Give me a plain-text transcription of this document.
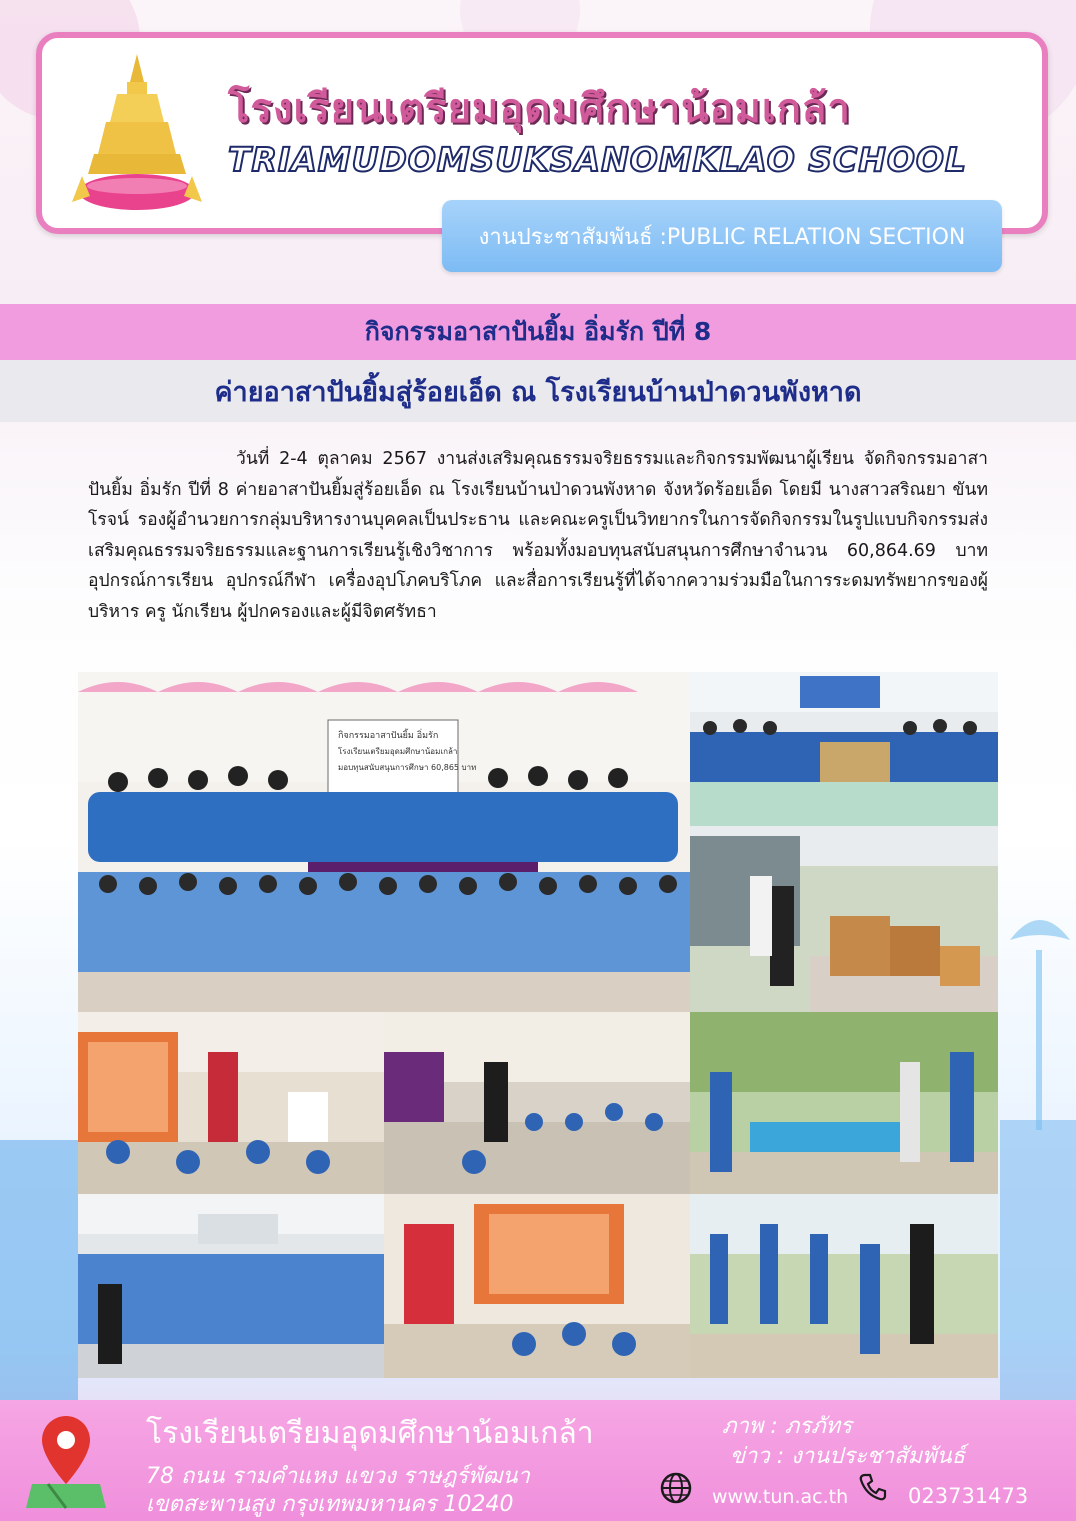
โรงเรียนเตรียมอุดมศึกษาน้อมเกล้า
TRIAMUDOMSUKSANOMKLAO SCHOOL
งานประชาสัมพันธ์ :PUBLIC RELATION SECTION
กิจกรรมอาสาปันยิ้ม อิ่มรัก ปีที่ 8
ค่ายอาสาปันยิ้มสู่ร้อยเอ็ด ณ โรงเรียนบ้านป่าดวนพังหาด
วันที่ 2-4 ตุลาคม 2567 งานส่งเสริมคุณธรรมจริยธรรมและกิจกรรมพัฒนาผู้เรียน จัดกิจกรรมอาสาปันยิ้ม อิ่มรัก ปีที่ 8 ค่ายอาสาปันยิ้มสู่ร้อยเอ็ด ณ โรงเรียนบ้านป่าดวนพังหาด จังหวัดร้อยเอ็ด โดยมี นางสาวสริณยา ขันทโรจน์ รองผู้อำนวยการกลุ่มบริหารงานบุคคลเป็นประธาน และคณะครูเป็นวิทยากรในการจัดกิจกรรมในรูปแบบกิจกรรมส่งเสริมคุณธรรมจริยธรรมและฐานการเรียนรู้เชิงวิชาการ พร้อมทั้งมอบทุนสนับสนุนการศึกษาจำนวน 60,864.69 บาท อุปกรณ์การเรียน อุปกรณ์กีฬา เครื่องอุปโภคบริโภค และสื่อการเรียนรู้ที่ได้จากความร่วมมือในการระดมทรัพยากรของผู้บริหาร ครู นักเรียน ผู้ปกครองและผู้มีจิตศรัทธา
กิจกรรมอาสาปันยิ้ม อิ่มรัก
โรงเรียนเตรียมอุดมศึกษาน้อมเกล้า
มอบทุนสนับสนุนการศึกษา 60,865 บาท
โรงเรียนเตรียมอุดมศึกษาน้อมเกล้า
78 ถนน รามคำแหง แขวง ราษฎร์พัฒนา
เขตสะพานสูง กรุงเทพมหานคร 10240
ภาพ : ภรภัทร
ข่าว : งานประชาสัมพันธ์
www.tun.ac.th	023731473
